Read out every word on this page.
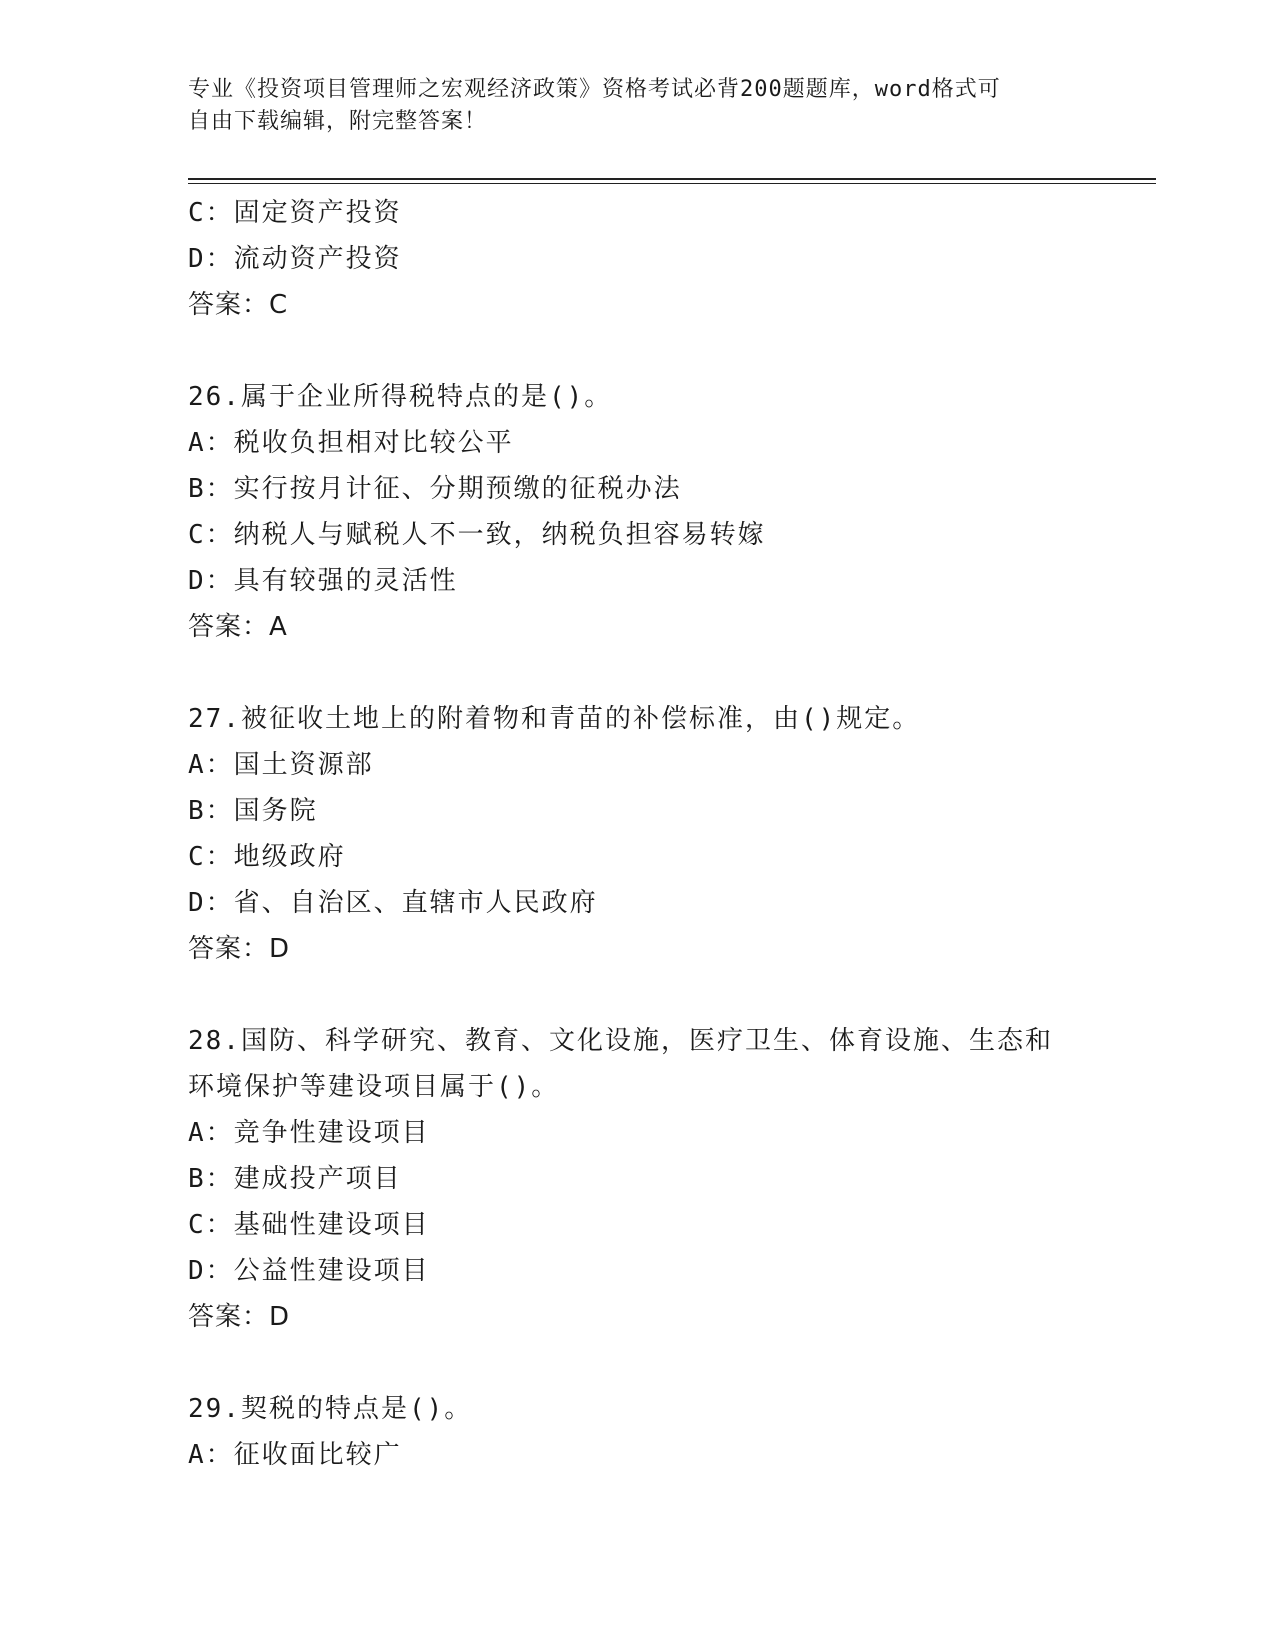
专业《投资项目管理师之宏观经济政策》资格考试必背200题题库，word格式可
自由下载编辑，附完整答案！
C：固定资产投资
D：流动资产投资
答案：C
26.属于企业所得税特点的是()。
A：税收负担相对比较公平
B：实行按月计征、分期预缴的征税办法
C：纳税人与赋税人不一致，纳税负担容易转嫁
D：具有较强的灵活性
答案：A
27.被征收土地上的附着物和青苗的补偿标准，由()规定。
A：国土资源部
B：国务院
C：地级政府
D：省、自治区、直辖市人民政府
答案：D
28.国防、科学研究、教育、文化设施，医疗卫生、体育设施、生态和
环境保护等建设项目属于()。
A：竞争性建设项目
B：建成投产项目
C：基础性建设项目
D：公益性建设项目
答案：D
29.契税的特点是()。
A：征收面比较广
